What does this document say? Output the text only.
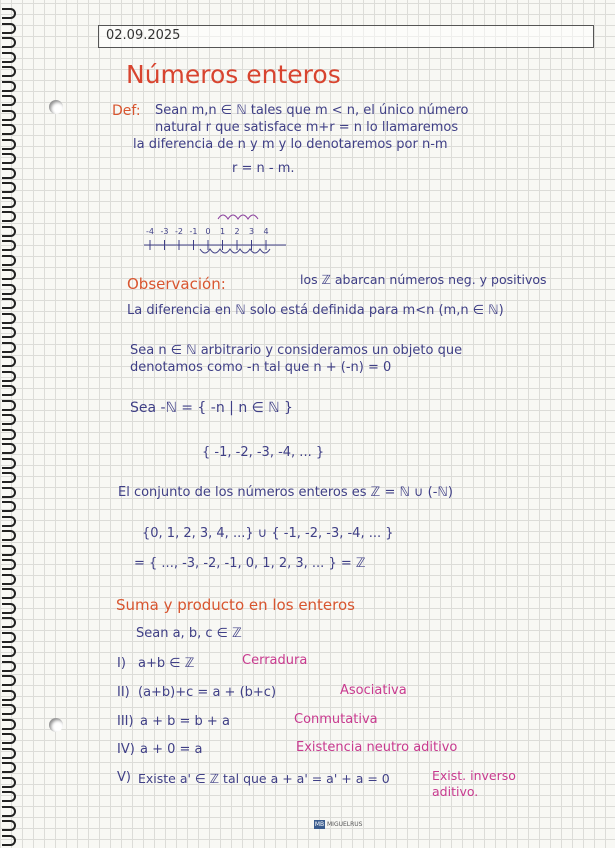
02.09.2025
Números enteros
Def: Sean m,n ∈ ℕ tales que m < n, el único número
natural r que satisface m+r = n lo llamaremos
la diferencia de n y m y lo denotaremos por n-m
r = n - m.
-4 -3 -2 -1 0 1 2 3 4
Observación:	los ℤ abarcan números neg. y positivos
La diferencia en ℕ solo está definida para m<n (m,n ∈ ℕ)
Sea n ∈ ℕ arbitrario y consideramos un objeto que
denotamos como -n tal que n + (-n) = 0
Sea -ℕ = { -n | n ∈ ℕ }
{ -1, -2, -3, -4, ... }
El conjunto de los números enteros es ℤ = ℕ ∪ (-ℕ)
{0, 1, 2, 3, 4, ...} ∪ { -1, -2, -3, -4, ... }
= { ..., -3, -2, -1, 0, 1, 2, 3, ... } = ℤ
Suma y producto en los enteros
Sean a, b, c ∈ ℤ
I) a+b ∈ ℤ	Cerradura
II) (a+b)+c = a + (b+c)	Asociativa
III) a + b = b + a	Conmutativa
IV) a + 0 = a	Existencia neutro aditivo
V) Existe a' ∈ ℤ tal que a + a' = a' + a = 0	Exist. inverso
aditivo.
MB MIGUELRUS
